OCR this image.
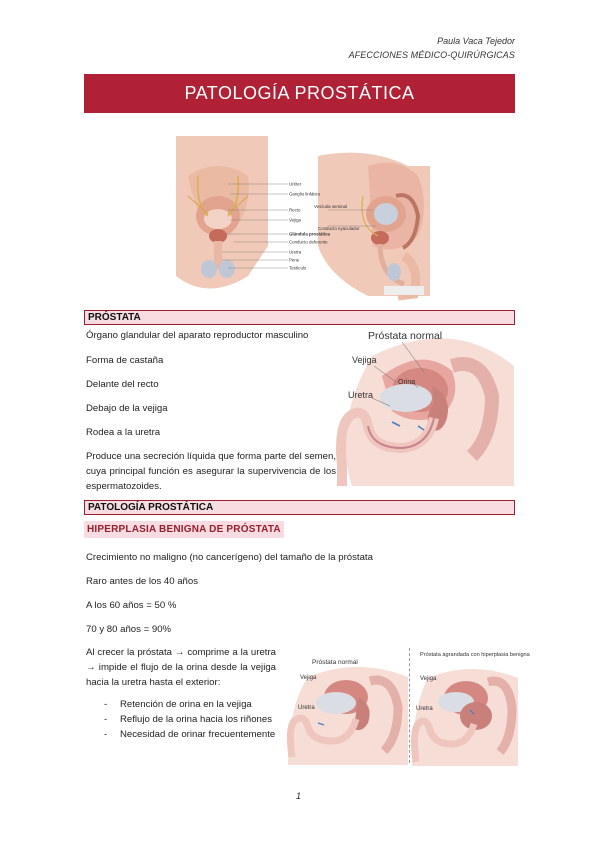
Paula Vaca Tejedor
AFECCIONES MÉDICO-QUIRÚRGICAS
PATOLOGÍA PROSTÁTICA
Uréter
Ganglio linfático
Recto
Vejiga
Glándula prostática
Conducto deferente
Uretra
Pene
Testículo
Vesícula seminal
Conducto eyaculador
PRÓSTATA
Órgano glandular del aparato reproductor masculino
Forma de castaña
Delante del recto
Debajo de la vejiga
Rodea a la uretra
Produce una secreción líquida que forma parte del semen, cuya principal función es asegurar la supervivencia de los espermatozoides.
Próstata normal
Vejiga
Orina
Uretra
PATOLOGÍA PROSTÁTICA
HIPERPLASIA BENIGNA DE PRÓSTATA
Crecimiento no maligno (no cancerígeno) del tamaño de la próstata
Raro antes de los 40 años
A los 60 años = 50 %
70 y 80 años = 90%
Al crecer la próstata → comprime a la uretra → impide el flujo de la orina desde la vejiga hacia la uretra hasta el exterior:
-	Retención de orina en la vejiga
-	Reflujo de la orina hacia los riñones
-	Necesidad de orinar frecuentemente
Próstata normal
Vejiga
Uretra
Próstata agrandada con hiperplasia benigna
Vejiga
Uretra
1
